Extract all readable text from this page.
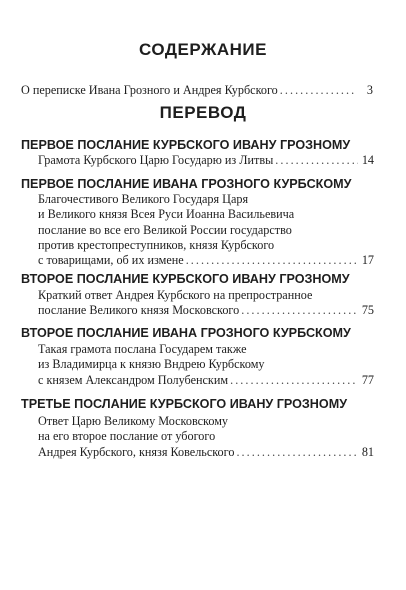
СОДЕРЖАНИЕ
О переписке Ивана Грозного и Андрея Курбского . . .	3
ПЕРЕВОД
ПЕРВОЕ ПОСЛАНИЕ КУРБСКОГО ИВАНУ ГРОЗНОМУ
Грамота Курбского Царю Государю из Литвы . . .	14
ПЕРВОЕ ПОСЛАНИЕ ИВАНА ГРОЗНОГО КУРБСКОМУ
Благочестивого Великого Государя Царя
и Великого князя Всея Руси Иоанна Васильевича
послание во все его Великой России государство
против крестопреступников, князя Курбского
с товарищами, об их измене . . .	17
ВТОРОЕ ПОСЛАНИЕ КУРБСКОГО ИВАНУ ГРОЗНОМУ
Краткий ответ Андрея Курбского на препространное
послание Великого князя Московского . . .	75
ВТОРОЕ ПОСЛАНИЕ ИВАНА ГРОЗНОГО КУРБСКОМУ
Такая грамота послана Государем также
из Владимирца к князю Вндрею Курбскому
с князем Александром Полубенским . . .	77
ТРЕТЬЕ ПОСЛАНИЕ КУРБСКОГО ИВАНУ ГРОЗНОМУ
Ответ Царю Великому Московскому
на его второе послание от убогого
Андрея Курбского, князя Ковельского . . .	81
